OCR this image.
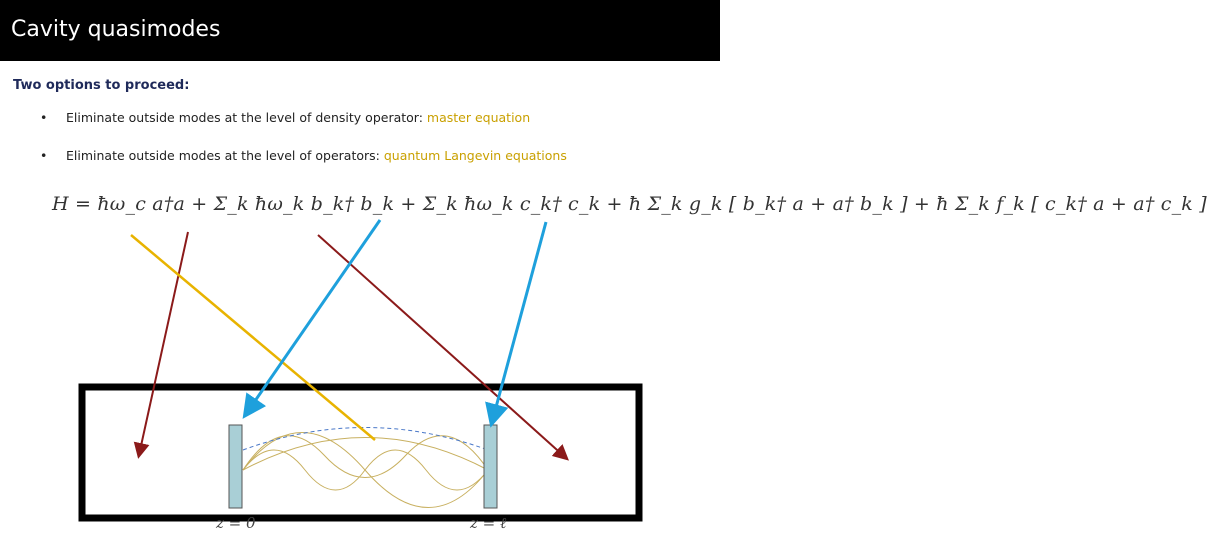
Cavity quasimodes
Two options to proceed:
• Eliminate outside modes at the level of density operator: master equation
• Eliminate outside modes at the level of operators: quantum Langevin equations
H = ħω_c a†a + Σ_k ħω_k b_k† b_k + Σ_k ħω_k c_k† c_k + ħ Σ_k g_k [ b_k† a + a† b_k ] + ħ Σ_k f_k [ c_k† a + a† c_k ]
z = 0	z = ℓ
